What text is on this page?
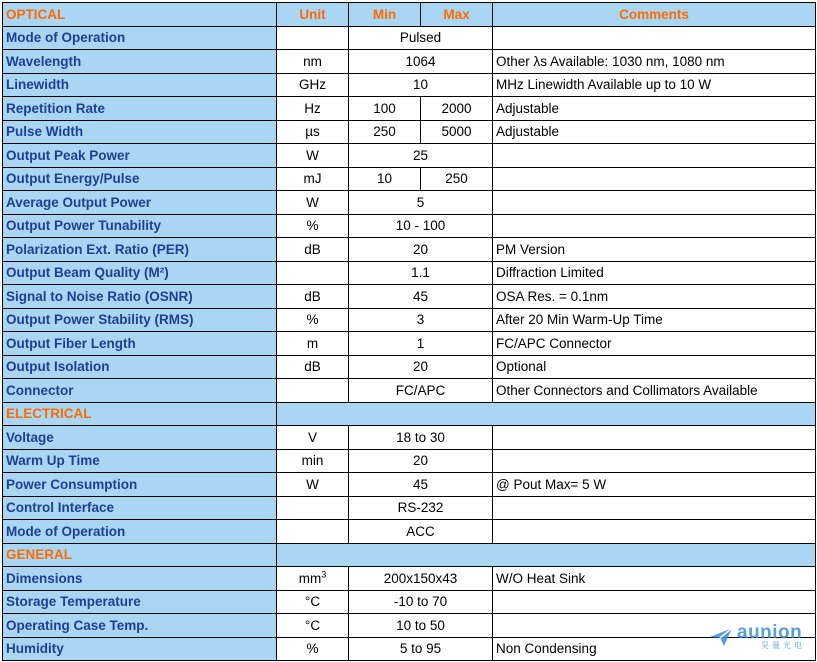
OPTICAL	Unit	Min	Max	Comments
Mode of Operation		Pulsed		
Wavelength	nm	1064		Other λs Available: 1030 nm, 1080 nm
Linewidth	GHz	10		MHz Linewidth Available up to 10 W
Repetition Rate	Hz	100	2000	Adjustable
Pulse Width	µs	250	5000	Adjustable
Output Peak Power	W	25		
Output Energy/Pulse	mJ	10	250	
Average Output Power	W	5		
Output Power Tunability	%	10 - 100		
Polarization Ext. Ratio (PER)	dB	20		PM Version
Output Beam Quality (M²)		1.1		Diffraction Limited
Signal to Noise Ratio (OSNR)	dB	45		OSA Res. = 0.1nm
Output Power Stability (RMS)	%	3		After 20 Min Warm-Up Time
Output Fiber Length	m	1		FC/APC Connector
Output Isolation	dB	20		Optional
Connector		FC/APC		Other Connectors and Collimators Available
ELECTRICAL				
Voltage	V	18 to 30		
Warm Up Time	min	20		
Power Consumption	W	45		@ Pout Max= 5 W
Control Interface		RS-232		
Mode of Operation		ACC		
GENERAL				
Dimensions	$mm^3$	200x150x43		W/O Heat Sink
Storage Temperature	°C	-10 to 70		
Operating Case Temp.	°C	10 to 50		
Humidity	%	5 to 95		Non Condensing
aunion
昊量光电
